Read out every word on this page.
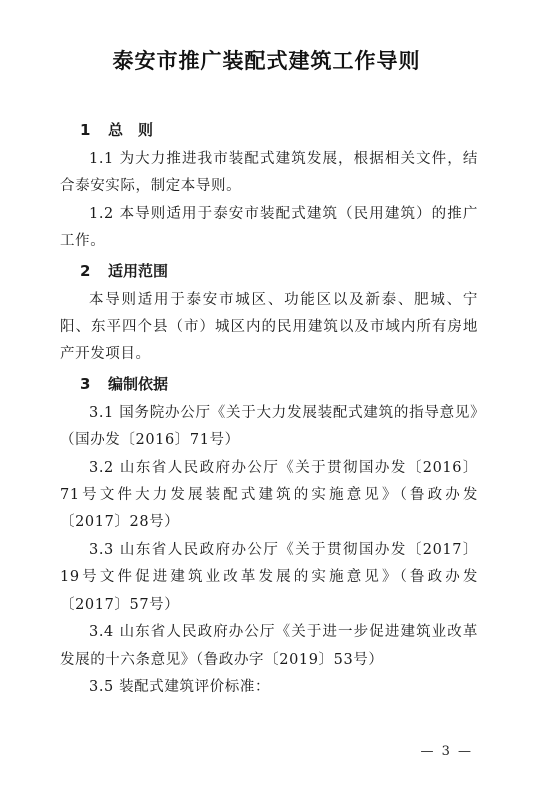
泰安市推广装配式建筑工作导则
1 总　则
1.1 为大力推进我市装配式建筑发展，根据相关文件，结合泰安实际，制定本导则。
1.2 本导则适用于泰安市装配式建筑（民用建筑）的推广工作。
2 适用范围
本导则适用于泰安市城区、功能区以及新泰、肥城、宁阳、东平四个县（市）城区内的民用建筑以及市域内所有房地产开发项目。
3 编制依据
3.1 国务院办公厅《关于大力发展装配式建筑的指导意见》（国办发〔2016〕71号）
3.2 山东省人民政府办公厅《关于贯彻国办发〔2016〕71号文件大力发展装配式建筑的实施意见》（鲁政办发〔2017〕28号）
3.3 山东省人民政府办公厅《关于贯彻国办发〔2017〕19号文件促进建筑业改革发展的实施意见》（鲁政办发〔2017〕57号）
3.4 山东省人民政府办公厅《关于进一步促进建筑业改革发展的十六条意见》（鲁政办字〔2019〕53号）
3.5 装配式建筑评价标准：
— 3 —
